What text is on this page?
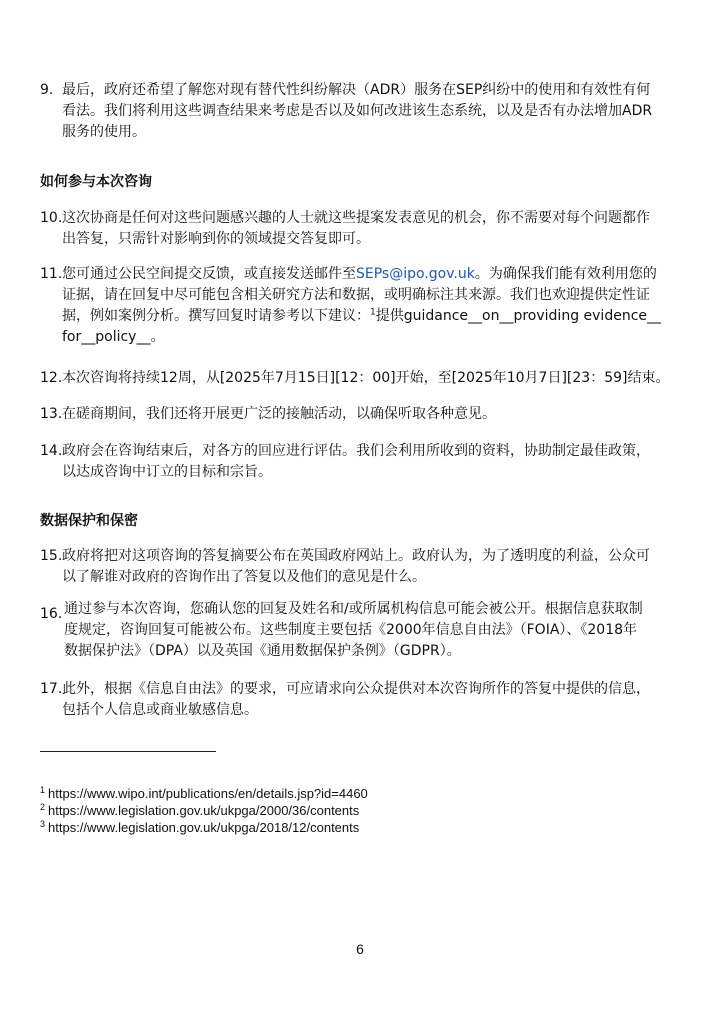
9. 最后，政府还希望了解您对现有替代性纠纷解决（ADR）服务在SEP纠纷中的使用和有效性有何
看法。我们将利用这些调查结果来考虑是否以及如何改进该生态系统，以及是否有办法增加ADR
服务的使用。
如何参与本次咨询
10. 这次协商是任何对这些问题感兴趣的人士就这些提案发表意见的机会，你不需要对每个问题都作
出答复，只需针对影响到你的领域提交答复即可。
11. 您可通过公民空间提交反馈，或直接发送邮件至SEPs@ipo.gov.uk。为确保我们能有效利用您的
证据，请在回复中尽可能包含相关研究方法和数据，或明确标注其来源。我们也欢迎提供定性证
据，例如案例分析。撰写回复时请参考以下建议：$^1$提供guidance__on__providing evidence__
for__policy__。
12. 本次咨询将持续12周，从[2025年7月15日][12：00]开始，至[2025年10月7日][23：59]结束。
13. 在磋商期间，我们还将开展更广泛的接触活动，以确保听取各种意见。
14. 政府会在咨询结束后，对各方的回应进行评估。我们会利用所收到的资料，协助制定最佳政策，
以达成咨询中订立的目标和宗旨。
数据保护和保密
15. 政府将把对这项咨询的答复摘要公布在英国政府网站上。政府认为，为了透明度的利益，公众可
以了解谁对政府的咨询作出了答复以及他们的意见是什么。
16. 通过参与本次咨询，您确认您的回复及姓名和/或所属机构信息可能会被公开。根据信息获取制
度规定，咨询回复可能被公布。这些制度主要包括《2000年信息自由法》（FOIA）、《2018年
数据保护法》（DPA）以及英国《通用数据保护条例》（GDPR）。
17. 此外，根据《信息自由法》的要求，可应请求向公众提供对本次咨询所作的答复中提供的信息，
包括个人信息或商业敏感信息。
$^1$ https://www.wipo.int/publications/en/details.jsp?id=4460
$^2$ https://www.legislation.gov.uk/ukpga/2000/36/contents
$^3$ https://www.legislation.gov.uk/ukpga/2018/12/contents
6
